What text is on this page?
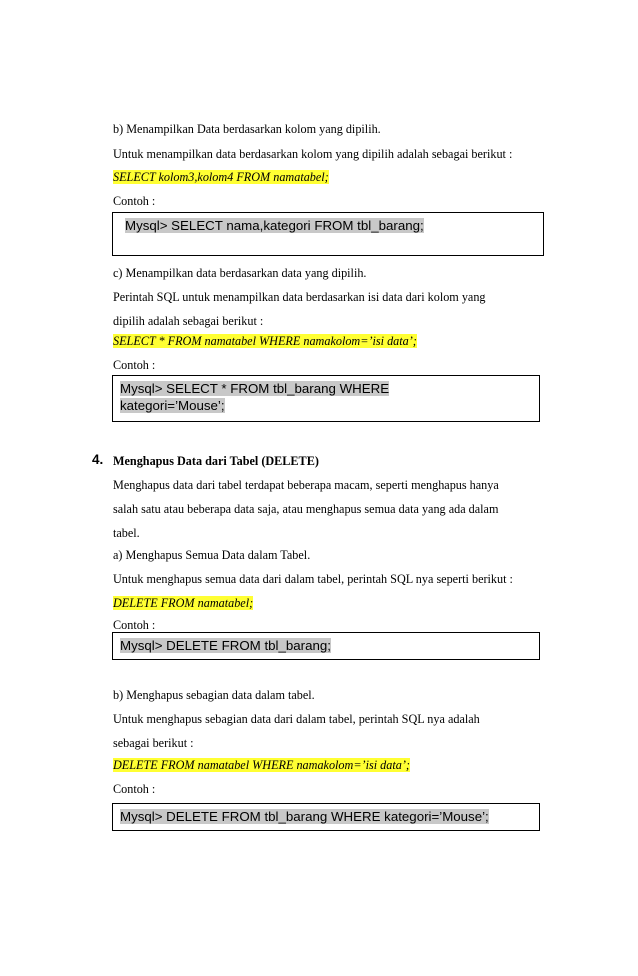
b) Menampilkan Data berdasarkan kolom yang dipilih.
Untuk menampilkan data berdasarkan kolom yang dipilih adalah sebagai berikut :
SELECT kolom3,kolom4 FROM namatabel;
Contoh :
Mysql> SELECT nama,kategori FROM tbl_barang;
c) Menampilkan data berdasarkan data yang dipilih.
Perintah SQL untuk menampilkan data berdasarkan isi data dari kolom yang
dipilih adalah sebagai berikut :
SELECT * FROM namatabel WHERE namakolom=’isi data’;
Contoh :
Mysql> SELECT * FROM tbl_barang WHERE
kategori=’Mouse’;
4. Menghapus Data dari Tabel (DELETE)
Menghapus data dari tabel terdapat beberapa macam, seperti menghapus hanya
salah satu atau beberapa data saja, atau menghapus semua data yang ada dalam
tabel.
a) Menghapus Semua Data dalam Tabel.
Untuk menghapus semua data dari dalam tabel, perintah SQL nya seperti berikut :
DELETE FROM namatabel;
Contoh :
Mysql> DELETE FROM tbl_barang;
b) Menghapus sebagian data dalam tabel.
Untuk menghapus sebagian data dari dalam tabel, perintah SQL nya adalah
sebagai berikut :
DELETE FROM namatabel WHERE namakolom=’isi data’;
Contoh :
Mysql> DELETE FROM tbl_barang WHERE kategori=’Mouse’;
